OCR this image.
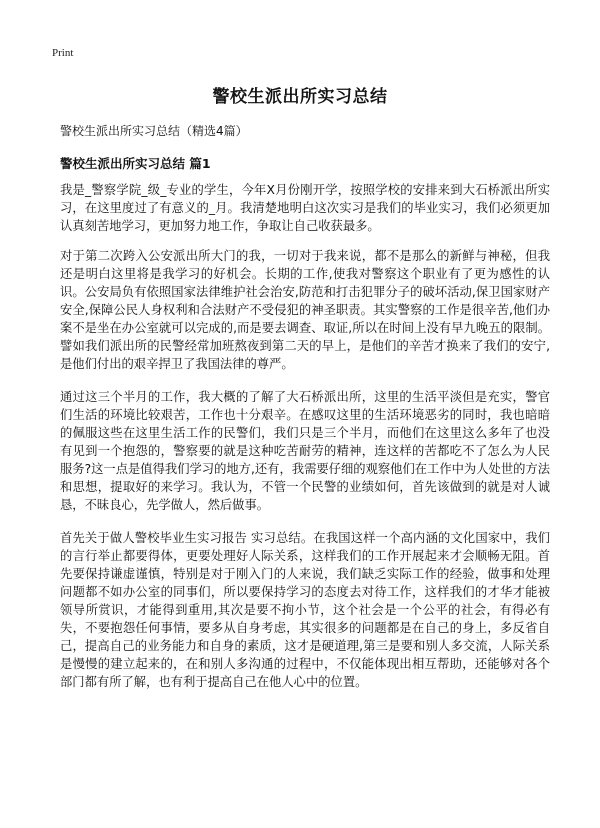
Print
警校生派出所实习总结
警校生派出所实习总结（精选4篇）
警校生派出所实习总结 篇1

我是_警察学院_级_专业的学生，今年X月份刚开学，按照学校的安排来到大石桥派出所实习，在这里度过了有意义的_月。我清楚地明白这次实习是我们的毕业实习，我们必须更加认真刻苦地学习，更加努力地工作，争取让自己收获最多。

对于第二次跨入公安派出所大门的我，一切对于我来说，都不是那么的新鲜与神秘，但我还是明白这里将是我学习的好机会。长期的工作,使我对警察这个职业有了更为感性的认识。公安局负有依照国家法律维护社会治安,防范和打击犯罪分子的破坏活动,保卫国家财产安全,保障公民人身权利和合法财产不受侵犯的神圣职责。其实警察的工作是很辛苦,他们办案不是坐在办公室就可以完成的,而是要去调查、取证,所以在时间上没有早九晚五的限制。譬如我们派出所的民警经常加班熬夜到第二天的早上，是他们的辛苦才换来了我们的安宁,是他们付出的艰辛捍卫了我国法律的尊严。

通过这三个半月的工作，我大概的了解了大石桥派出所，这里的生活平淡但是充实，警官们生活的环境比较艰苦，工作也十分艰辛。在感叹这里的生活环境恶劣的同时，我也暗暗的佩服这些在这里生活工作的民警们，我们只是三个半月，而他们在这里这么多年了也没有见到一个抱怨的，警察要的就是这种吃苦耐劳的精神，连这样的苦都吃不了怎么为人民服务?这一点是值得我们学习的地方,还有，我需要仔细的观察他们在工作中为人处世的方法和思想，提取好的来学习。我认为，不管一个民警的业绩如何，首先该做到的就是对人诚恳，不昧良心，先学做人，然后做事。

首先关于做人警校毕业生实习报告 实习总结。在我国这样一个高内涵的文化国家中，我们的言行举止都要得体，更要处理好人际关系，这样我们的工作开展起来才会顺畅无阻。首先要保持谦虚谨慎，特别是对于刚入门的人来说，我们缺乏实际工作的经验，做事和处理问题都不如办公室的同事们，所以要保持学习的态度去对待工作，这样我们的才华才能被领导所赏识，才能得到重用,其次是要不拘小节，这个社会是一个公平的社会，有得必有失，不要抱怨任何事情，要多从自身考虑，其实很多的问题都是在自己的身上，多反省自己，提高自己的业务能力和自身的素质，这才是硬道理,第三是要和别人多交流，人际关系是慢慢的建立起来的，在和别人多沟通的过程中，不仅能体现出相互帮助，还能够对各个部门都有所了解，也有利于提高自己在他人心中的位置。
